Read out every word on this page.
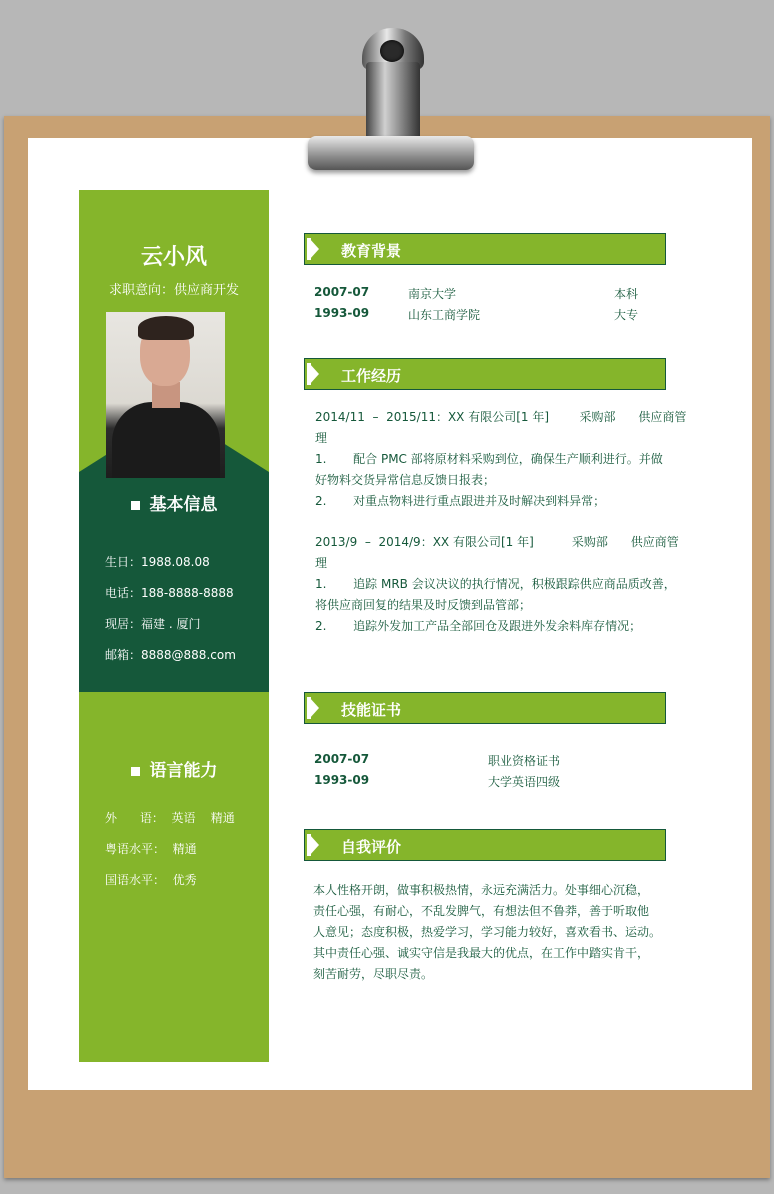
云小风
求职意向：供应商开发
基本信息
生日：1988.08.08
电话：188-8888-8888
现居：福建 . 厦门
邮箱：8888@888.com
语言能力
外      语：  英语    精通
粤语水平：  精通
国语水平：  优秀
教育背景
2007-07	南京大学	本科
1993-09	山东工商学院	大专
工作经历

2014/11  –  2015/11：XX 有限公司[1 年]        采购部      供应商管

理

1.       配合 PMC 部将原材料采购到位，确保生产顺利进行。并做

好物料交货异常信息反馈日报表；

2.       对重点物料进行重点跟进并及时解决到料异常；

2013/9  –  2014/9：XX 有限公司[1 年]          采购部      供应商管

理

1.       追踪 MRB 会议决议的执行情况，积极跟踪供应商品质改善，

将供应商回复的结果及时反馈到品管部；

2.       追踪外发加工产品全部回仓及跟进外发余料库存情况；

技能证书
2007-07	职业资格证书
1993-09	大学英语四级
自我评价

本人性格开朗，做事积极热情，永远充满活力。处事细心沉稳，

责任心强，有耐心，不乱发脾气，有想法但不鲁莽，善于听取他

人意见；态度积极，热爱学习，学习能力较好，喜欢看书、运动。

其中责任心强、诚实守信是我最大的优点，在工作中踏实肯干，

刻苦耐劳，尽职尽责。
